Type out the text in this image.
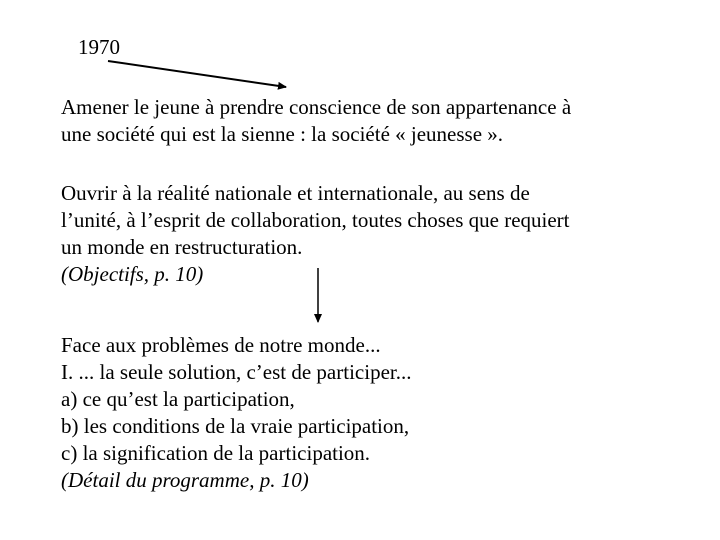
1970

Amener le jeune à prendre conscience de son appartenance à
une société qui est la sienne : la société « jeunesse ».

Ouvrir à la réalité nationale et internationale, au sens de
l’unité, à l’esprit de collaboration, toutes choses que requiert
un monde en restructuration.
(Objectifs, p. 10)

Face aux problèmes de notre monde...
I. ... la seule solution, c’est de participer...
a) ce qu’est la participation,
b) les conditions de la vraie participation,
c) la signification de la participation.
(Détail du programme, p. 10)
